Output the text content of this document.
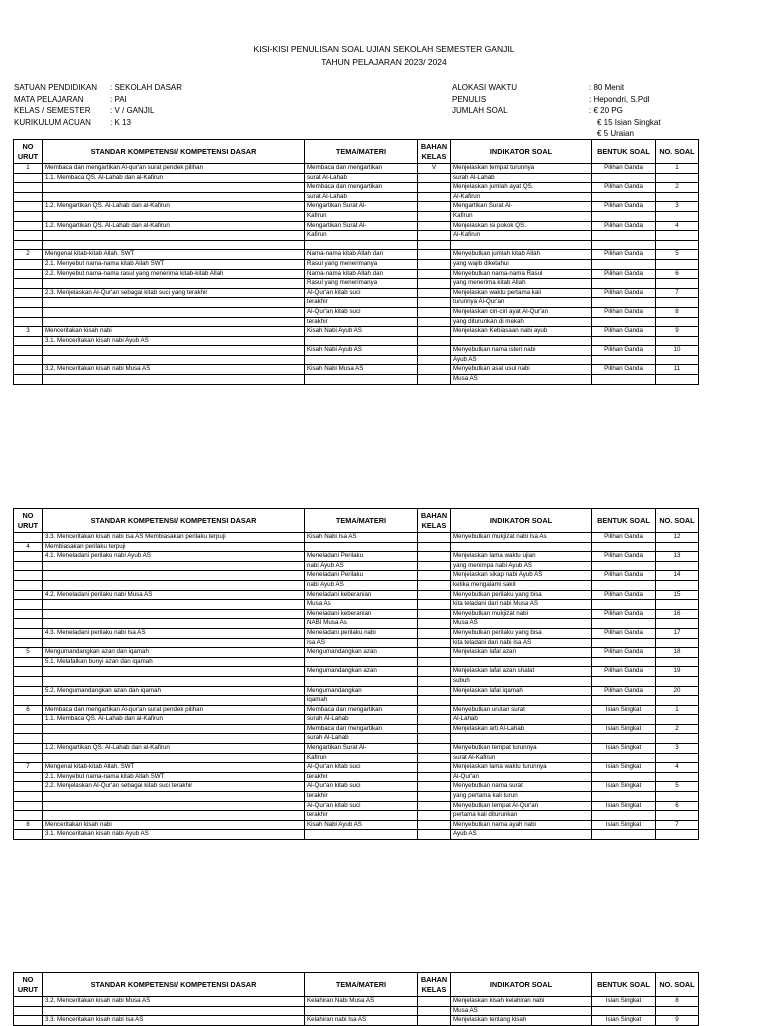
KISI-KISI PENULISAN SOAL UJIAN SEKOLAH SEMESTER GANJIL
TAHUN PELAJARAN 2023/ 2024
SATUAN PENDIDIKAN : SEKOLAH DASAR
MATA PELAJARAN	: PAI
KELAS / SEMESTER : V / GANJIL
KURIKULUM ACUAN : K 13
ALOKASI WAKTU	: 80 Menit
PENULIS	: Hepondri, S.Pdl
JUMLAH SOAL	: € 20 PG
€ 15 Isian Singkat
€ 5 Uraian
NO URUT	STANDAR KOMPETENSI/ KOMPETENSI DASAR	TEMA/MATERI	BAHAN KELAS	INDIKATOR SOAL	BENTUK SOAL	NO. SOAL
1	Membaca dan mengartikan Al-qur'an surat pendek pilihan	Membaca dan mengartikan	V	Menjelaskan tempat turunnya	Pilihan Ganda	1
	1.1. Membaca QS. Al-Lahab dan al-Kafirun	surat Al-Lahab		surah Al-Lahab		
		Membaca dan mengartikan		Menjelaskan jumlah ayat QS.	Pilihan Ganda	2
		surat Al-Lahab		Al-Kafirun		
	1.2. Mengartikan QS. Al-Lahab dan al-Kafirun	Mengartikan Surat Al-		Mengartikan Surat Al-	Pilihan Ganda	3
		Kafirun		Kafirun		
	1.2. Mengartikan QS. Al-Lahab dan al-Kafirun	Mengartikan Surat Al-		Menjelaskan isi pokok QS.	Pilihan Ganda	4
		Kafirun		Al-Kafirun		

2	Mengenal kitab-kitab Allah. SWT	Nama-nama kitab Allah dan		Menyebutkan jumlah kitab Allah	Pilihan Ganda	5
	2.1. Menyebut nama-nama kitab Allah SWT	Rasul yang menerimanya		yang wajib diketahui		
	2.2. Menyebut nama-nama rasul yang menerima kitab-kitab Allah	Nama-nama kitab Allah dan		Menyebutkan nama-nama Rasul	Pilihan Ganda	6
		Rasul yang menerimanya		yang menerima kitab Allah		
	2.3. Menjelaskan Al-Qur'an sebagai kitab suci yang terakhir	Al-Qur'an kitab suci		Menjelaskan waktu pertama kali	Pilihan Ganda	7
		terakhir		turunnya Al-Qur'an		
		Al-Qur'an kitab suci		Menjelaskan ciri-ciri ayat Al-Qur'an	Pilihan Ganda	8
		terakhir		yang diturunkan di mekah		
3	Menceritakan kisah nabi	Kisah Nabi Ayub AS		Menjelaskan Kebiasaan nabi ayub	Pilihan Ganda	9
	3.1. Menceritakan kisah nabi Ayub AS					
		Kisah Nabi Ayub AS		Menyebutkan nama isteri nabi	Pilihan Ganda	10
				Ayub AS		
	3.2. Menceritakan kisah nabi Musa AS	Kisah Nabi Musa AS		Menyebutkan asal usul nabi	Pilihan Ganda	11
				Musa AS		
NO URUT	STANDAR KOMPETENSI/ KOMPETENSI DASAR	TEMA/MATERI	BAHAN KELAS	INDIKATOR SOAL	BENTUK SOAL	NO. SOAL
	3.3. Menceritakan kisah nabi Isa AS Membiasakan perilaku terpuji	Kisah Nabi Isa AS		Menyebutkan mukjizat nabi Isa As	Pilihan Ganda	12
4	Membiasakan perilaku terpuji					
	4.1. Meneladani perilaku nabi Ayub AS	Meneladani Perilaku		Menjelaskan lama waktu ujian	Pilihan Ganda	13
		nabi Ayub AS		yang menimpa nabi Ayub AS		
		Meneladani Perilaku		Menjelaskan sikap nabi Ayub AS	Pilihan Ganda	14
		nabi Ayub AS		ketika mengalami sakit		
	4.2. Meneladani perilaku nabi Musa AS	Meneladani keberanian		Menyebutkan perilaku yang bisa	Pilihan Ganda	15
		Musa As		kita teladani dari nabi Musa AS		
		Meneladani keberanian		Menyebutkan mukjizat nabi	Pilihan Ganda	16
		NABI Musa As		Musa AS		
	4.3. Meneladani perilaku nabi Isa AS	Meneladani perilaku nabi		Menyebutkan perilaku yang bisa	Pilihan Ganda	17
		Isa AS		kita teladani dari nabi Isa AS		
5	Mengumandangkan azan dan iqamah	Mengumandangkan azan		Menjelaskan lafal azan	Pilihan Ganda	18
	5.1. Melafalkan bunyi azan dan iqamah					
		Mengumandangkan azan		Menjelaskan lafal azan shalat	Pilihan Ganda	19
				subuh		
	5.2. Mengumandangkan azan dan iqamah	Mengumandangkan		Menjelaskan lafal iqamah	Pilihan Ganda	20
		iqamah				
6	Membaca dan mengartikan Al-qur'an surat pendek pilihan	Membaca dan mengartikan		Menyebutkan urutan surat	Isian Singkat	1
	1.1. Membaca QS. Al-Lahab dan al-Kafirun	surah Al-Lahab		Al-Lahab		
		Membaca dan mengartikan		Menjelaskan arti Al-Lahab	Isian Singkat	2
		surah Al-Lahab				
	1.2. Mengartikan QS. Al-Lahab dan al-Kafirun	Mengartikan Surat Al-		Menyebutkan tempat turunnya	Isian Singkat	3
		Kafirun		surat Al-Kafirun		
7	Mengenal kitab-kitab Allah. SWT	Al-Qur'an kitab suci		Menjelaskan lama waktu turunnya	Isian Singkat	4
	2.1. Menyebut nama-nama kitab Allah SWT	terakhir		Al-Qur'an		
	2.2. Menjelaskan Al-Qur'an sebagai kitab suci terakhir	Al-Qur'an kitab suci		Menyebutkan nama surat	Isian Singkat	5
		terakhir		yang pertama kali turun		
		Al-Qur'an kitab suci		Menyebutkan tempat Al-Qur'an	Isian Singkat	6
		terakhir		pertama kali diturunkan		
8	Menceritakan kisah nabi	Kisah Nabi Ayub AS		Menyebutkan nama ayah nabi	Isian Singkat	7
	3.1. Menceritakan kisah nabi Ayub AS			Ayub AS		
NO URUT	STANDAR KOMPETENSI/ KOMPETENSI DASAR	TEMA/MATERI	BAHAN KELAS	INDIKATOR SOAL	BENTUK SOAL	NO. SOAL
	3.2. Menceritakan kisah nabi Musa AS	Kelahiran Nabi Musa AS		Menjelaskan kisah kelahiran nabi	Isian Singkat	8
				Musa AS		
	3.3. Menceritakan kisah nabi Isa AS	Kelahiran nabi Isa AS		Menjelaskan tentang kisah	Isian Singkat	9
